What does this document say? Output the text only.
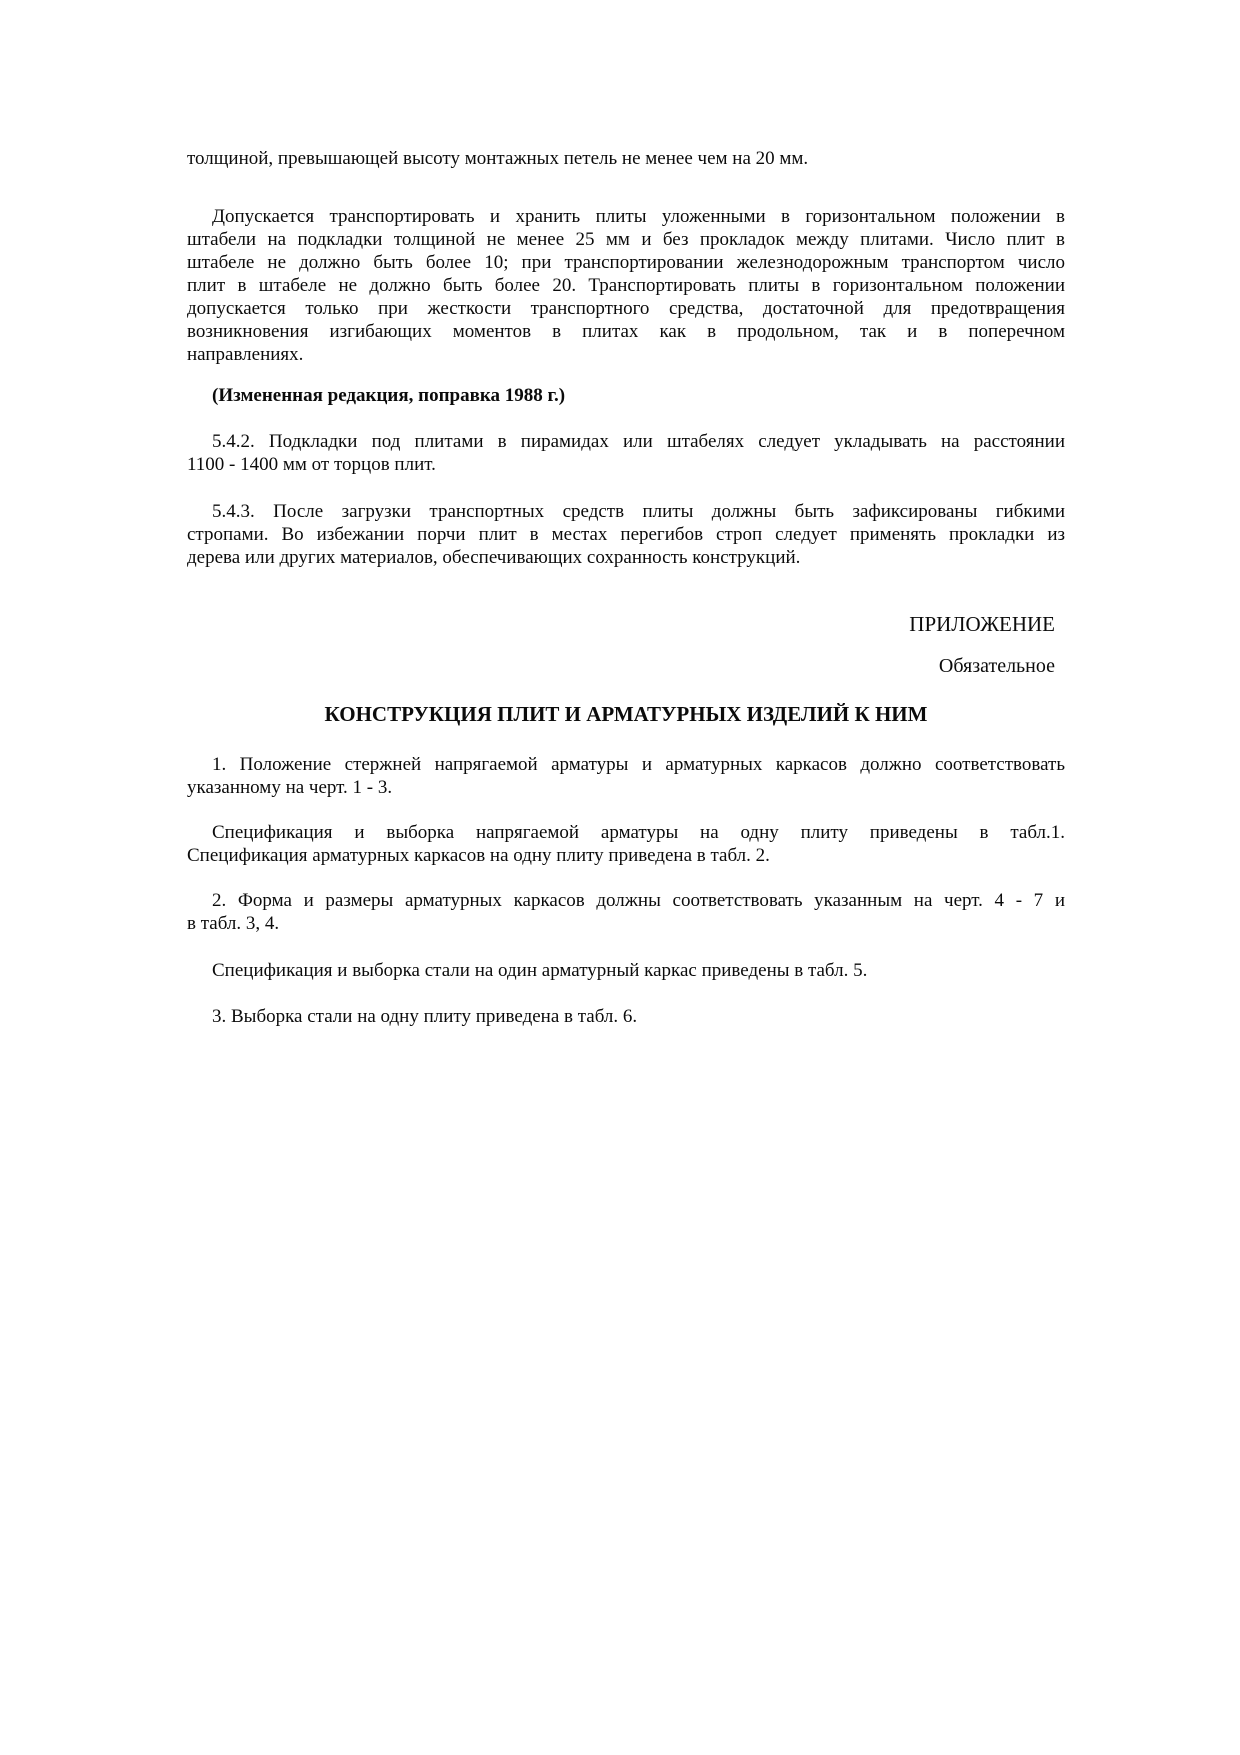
толщиной, превышающей высоту монтажных петель не менее чем на 20 мм.
Допускается транспортировать и хранить плиты уложенными в горизонтальном положении в
штабели на подкладки толщиной не менее 25 мм и без прокладок между плитами. Число плит в
штабеле не должно быть более 10; при транспортировании железнодорожным транспортом число
плит в штабеле не должно быть более 20. Транспортировать плиты в горизонтальном положении
допускается только при жесткости транспортного средства, достаточной для предотвращения
возникновения изгибающих моментов в плитах как в продольном, так и в поперечном
направлениях.
(Измененная редакция, поправка 1988 г.)
5.4.2. Подкладки под плитами в пирамидах или штабелях следует укладывать на расстоянии
1100 - 1400 мм от торцов плит.
5.4.3. После загрузки транспортных средств плиты должны быть зафиксированы гибкими
стропами. Во избежании порчи плит в местах перегибов строп следует применять прокладки из
дерева или других материалов, обеспечивающих сохранность конструкций.
ПРИЛОЖЕНИЕ
Обязательное
КОНСТРУКЦИЯ ПЛИТ И АРМАТУРНЫХ ИЗДЕЛИЙ К НИМ
1. Положение стержней напрягаемой арматуры и арматурных каркасов должно соответствовать
указанному на черт. 1 - 3.
Спецификация и выборка напрягаемой арматуры на одну плиту приведены в табл.1.
Спецификация арматурных каркасов на одну плиту приведена в табл. 2.
2. Форма и размеры арматурных каркасов должны соответствовать указанным на черт. 4 - 7 и
в табл. 3, 4.
Спецификация и выборка стали на один арматурный каркас приведены в табл. 5.
3. Выборка стали на одну плиту приведена в табл. 6.
